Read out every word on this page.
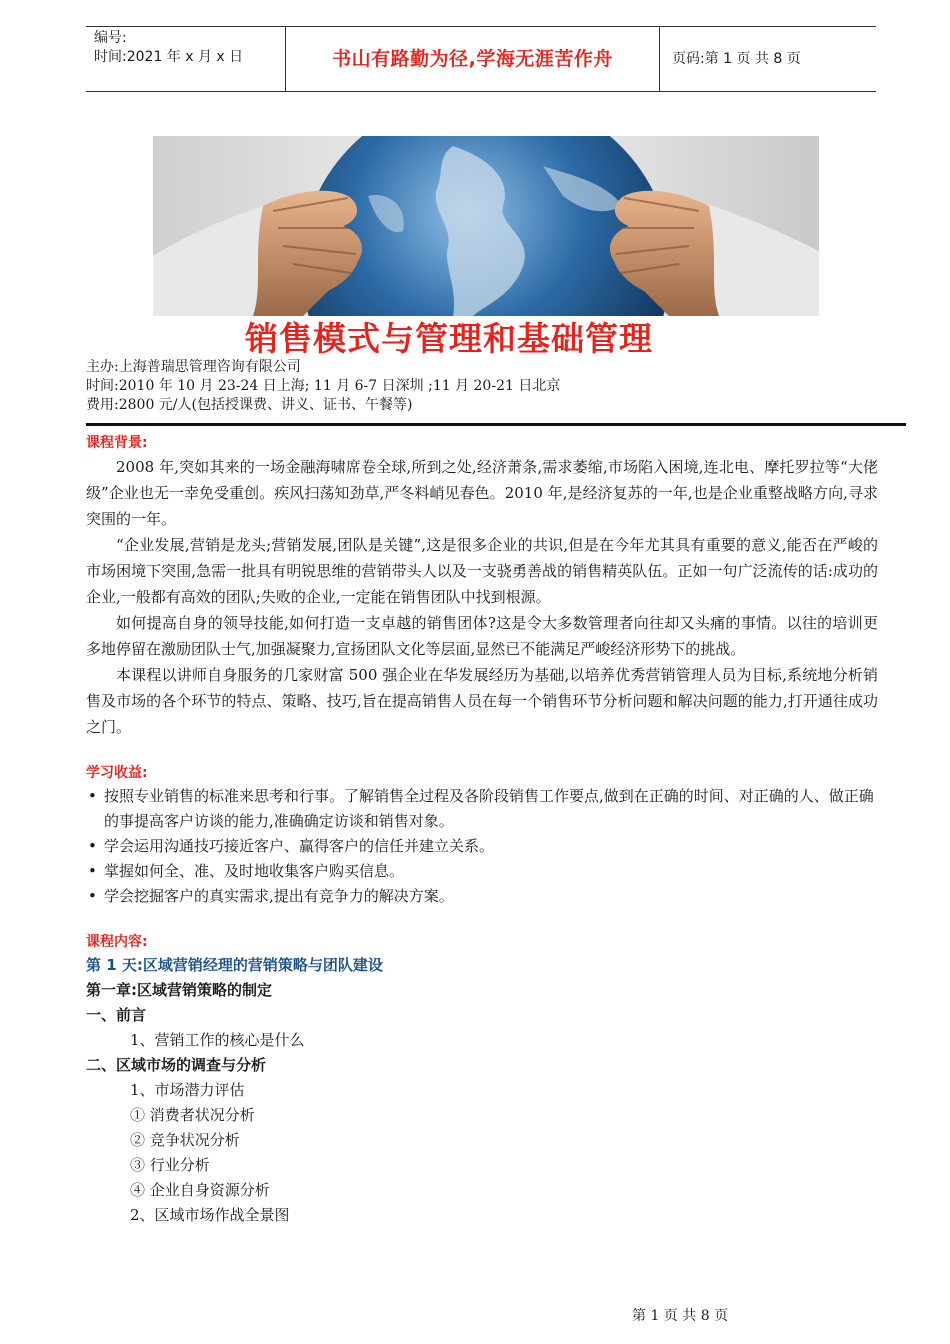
编号:
时间:2021 年 x 月 x 日	书山有路勤为径,学海无涯苦作舟	页码:第 1 页 共 8 页
销售模式与管理和基础管理
主办:上海普瑞思管理咨询有限公司
时间:2010 年 10 月 23-24 日上海; 11 月 6-7 日深圳 ;11 月 20-21 日北京
费用:2800 元/人(包括授课费、讲义、证书、午餐等)
课程背景:

2008 年,突如其来的一场金融海啸席卷全球,所到之处,经济萧条,需求萎缩,市场陷入困境,连北电、摩托罗拉等“大佬级”企业也无一幸免受重创。疾风扫荡知劲草,严冬料峭见春色。2010 年,是经济复苏的一年,也是企业重整战略方向,寻求突围的一年。

“企业发展,营销是龙头;营销发展,团队是关键”,这是很多企业的共识,但是在今年尤其具有重要的意义,能否在严峻的市场困境下突围,急需一批具有明锐思维的营销带头人以及一支骁勇善战的销售精英队伍。正如一句广泛流传的话:成功的企业,一般都有高效的团队;失败的企业,一定能在销售团队中找到根源。

如何提高自身的领导技能,如何打造一支卓越的销售团体?这是令大多数管理者向往却又头痛的事情。以往的培训更多地停留在激励团队士气,加强凝聚力,宣扬团队文化等层面,显然已不能满足严峻经济形势下的挑战。

本课程以讲师自身服务的几家财富 500 强企业在华发展经历为基础,以培养优秀营销管理人员为目标,系统地分析销售及市场的各个环节的特点、策略、技巧,旨在提高销售人员在每一个销售环节分析问题和解决问题的能力,打开通往成功之门。

学习收益:
• 按照专业销售的标准来思考和行事。了解销售全过程及各阶段销售工作要点,做到在正确的时间、对正确的人、做正确的事提高客户访谈的能力,准确确定访谈和销售对象。
• 学会运用沟通技巧接近客户、赢得客户的信任并建立关系。
• 掌握如何全、准、及时地收集客户购买信息。
• 学会挖掘客户的真实需求,提出有竞争力的解决方案。
课程内容:
第 1 天:区域营销经理的营销策略与团队建设
第一章:区域营销策略的制定
一、前言
1、营销工作的核心是什么
二、区域市场的调查与分析
1、市场潜力评估
① 消费者状况分析
② 竞争状况分析
③ 行业分析
④ 企业自身资源分析
2、区域市场作战全景图
第 1 页 共 8 页
